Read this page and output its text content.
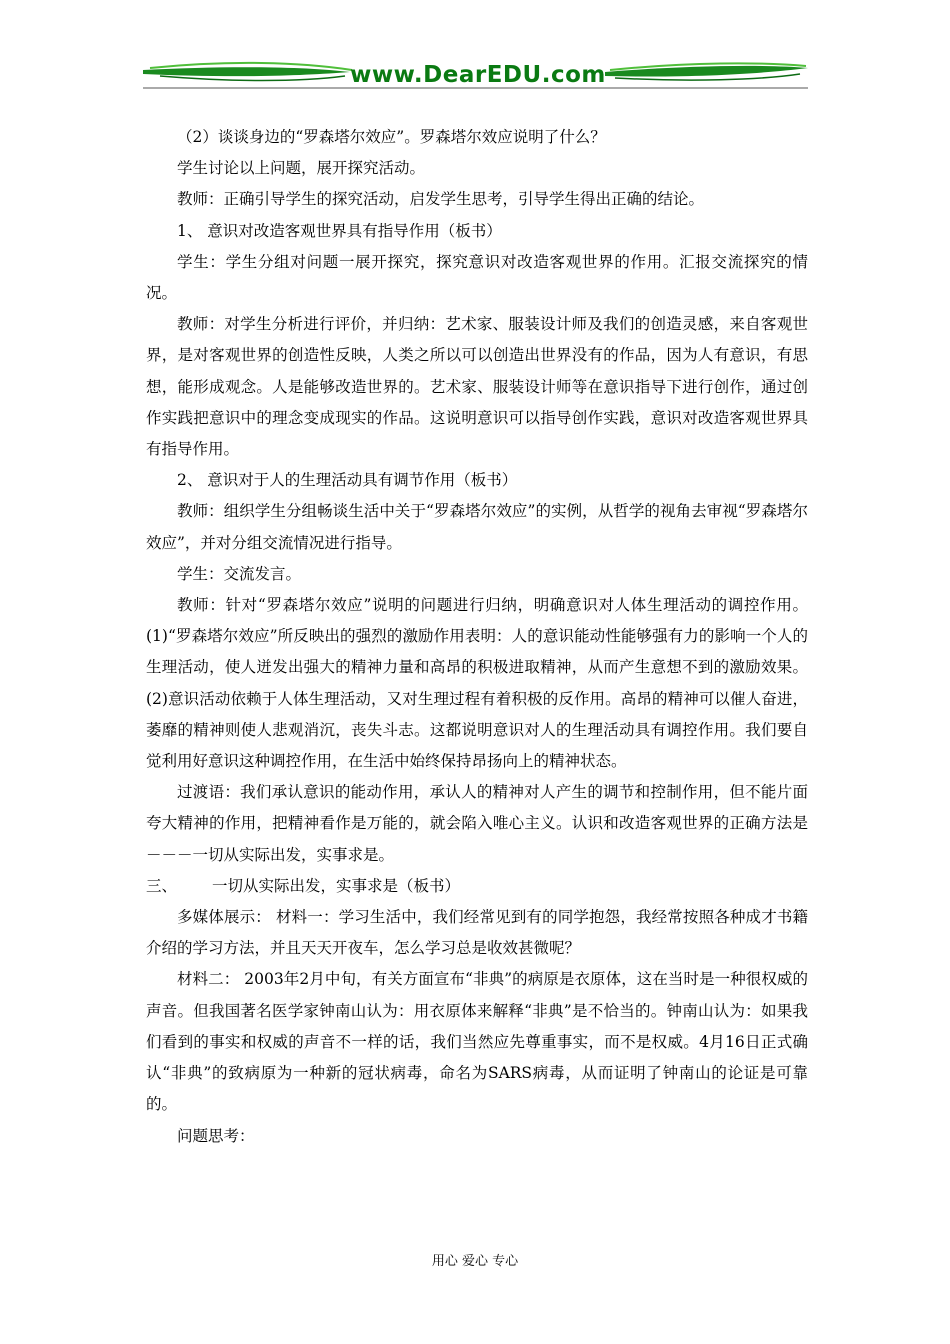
www.DearEDU.com

（2）谈谈身边的“罗森塔尔效应”。罗森塔尔效应说明了什么？

学生讨论以上问题，展开探究活动。

教师：正确引导学生的探究活动，启发学生思考，引导学生得出正确的结论。

1、 意识对改造客观世界具有指导作用（板书）

学生：学生分组对问题一展开探究，探究意识对改造客观世界的作用。汇报交流探究的情况。

教师：对学生分析进行评价，并归纳：艺术家、服装设计师及我们的创造灵感，来自客观世界，是对客观世界的创造性反映，人类之所以可以创造出世界没有的作品，因为人有意识，有思想，能形成观念。人是能够改造世界的。艺术家、服装设计师等在意识指导下进行创作，通过创作实践把意识中的理念变成现实的作品。这说明意识可以指导创作实践，意识对改造客观世界具有指导作用。

2、 意识对于人的生理活动具有调节作用（板书）

教师：组织学生分组畅谈生活中关于“罗森塔尔效应”的实例，从哲学的视角去审视“罗森塔尔效应”，并对分组交流情况进行指导。

学生：交流发言。

教师：针对“罗森塔尔效应”说明的问题进行归纳，明确意识对人体生理活动的调控作用。(1)“罗森塔尔效应”所反映出的强烈的激励作用表明：人的意识能动性能够强有力的影响一个人的生理活动，使人迸发出强大的精神力量和高昂的积极进取精神，从而产生意想不到的激励效果。(2)意识活动依赖于人体生理活动，又对生理过程有着积极的反作用。高昂的精神可以催人奋进，萎靡的精神则使人悲观消沉，丧失斗志。这都说明意识对人的生理活动具有调控作用。我们要自觉利用好意识这种调控作用，在生活中始终保持昂扬向上的精神状态。

过渡语：我们承认意识的能动作用，承认人的精神对人产生的调节和控制作用，但不能片面夸大精神的作用，把精神看作是万能的，就会陷入唯心主义。认识和改造客观世界的正确方法是－－－一切从实际出发，实事求是。

三、 一切从实际出发，实事求是（板书）

多媒体展示： 材料一：学习生活中，我们经常见到有的同学抱怨，我经常按照各种成才书籍介绍的学习方法，并且天天开夜车，怎么学习总是收效甚微呢？

材料二： 2003年2月中旬，有关方面宣布“非典”的病原是衣原体，这在当时是一种很权威的声音。但我国著名医学家钟南山认为：用衣原体来解释“非典”是不恰当的。钟南山认为：如果我们看到的事实和权威的声音不一样的话，我们当然应先尊重事实，而不是权威。4月16日正式确认“非典”的致病原为一种新的冠状病毒，命名为SARS病毒，从而证明了钟南山的论证是可靠的。

问题思考：

用心 爱心 专心
